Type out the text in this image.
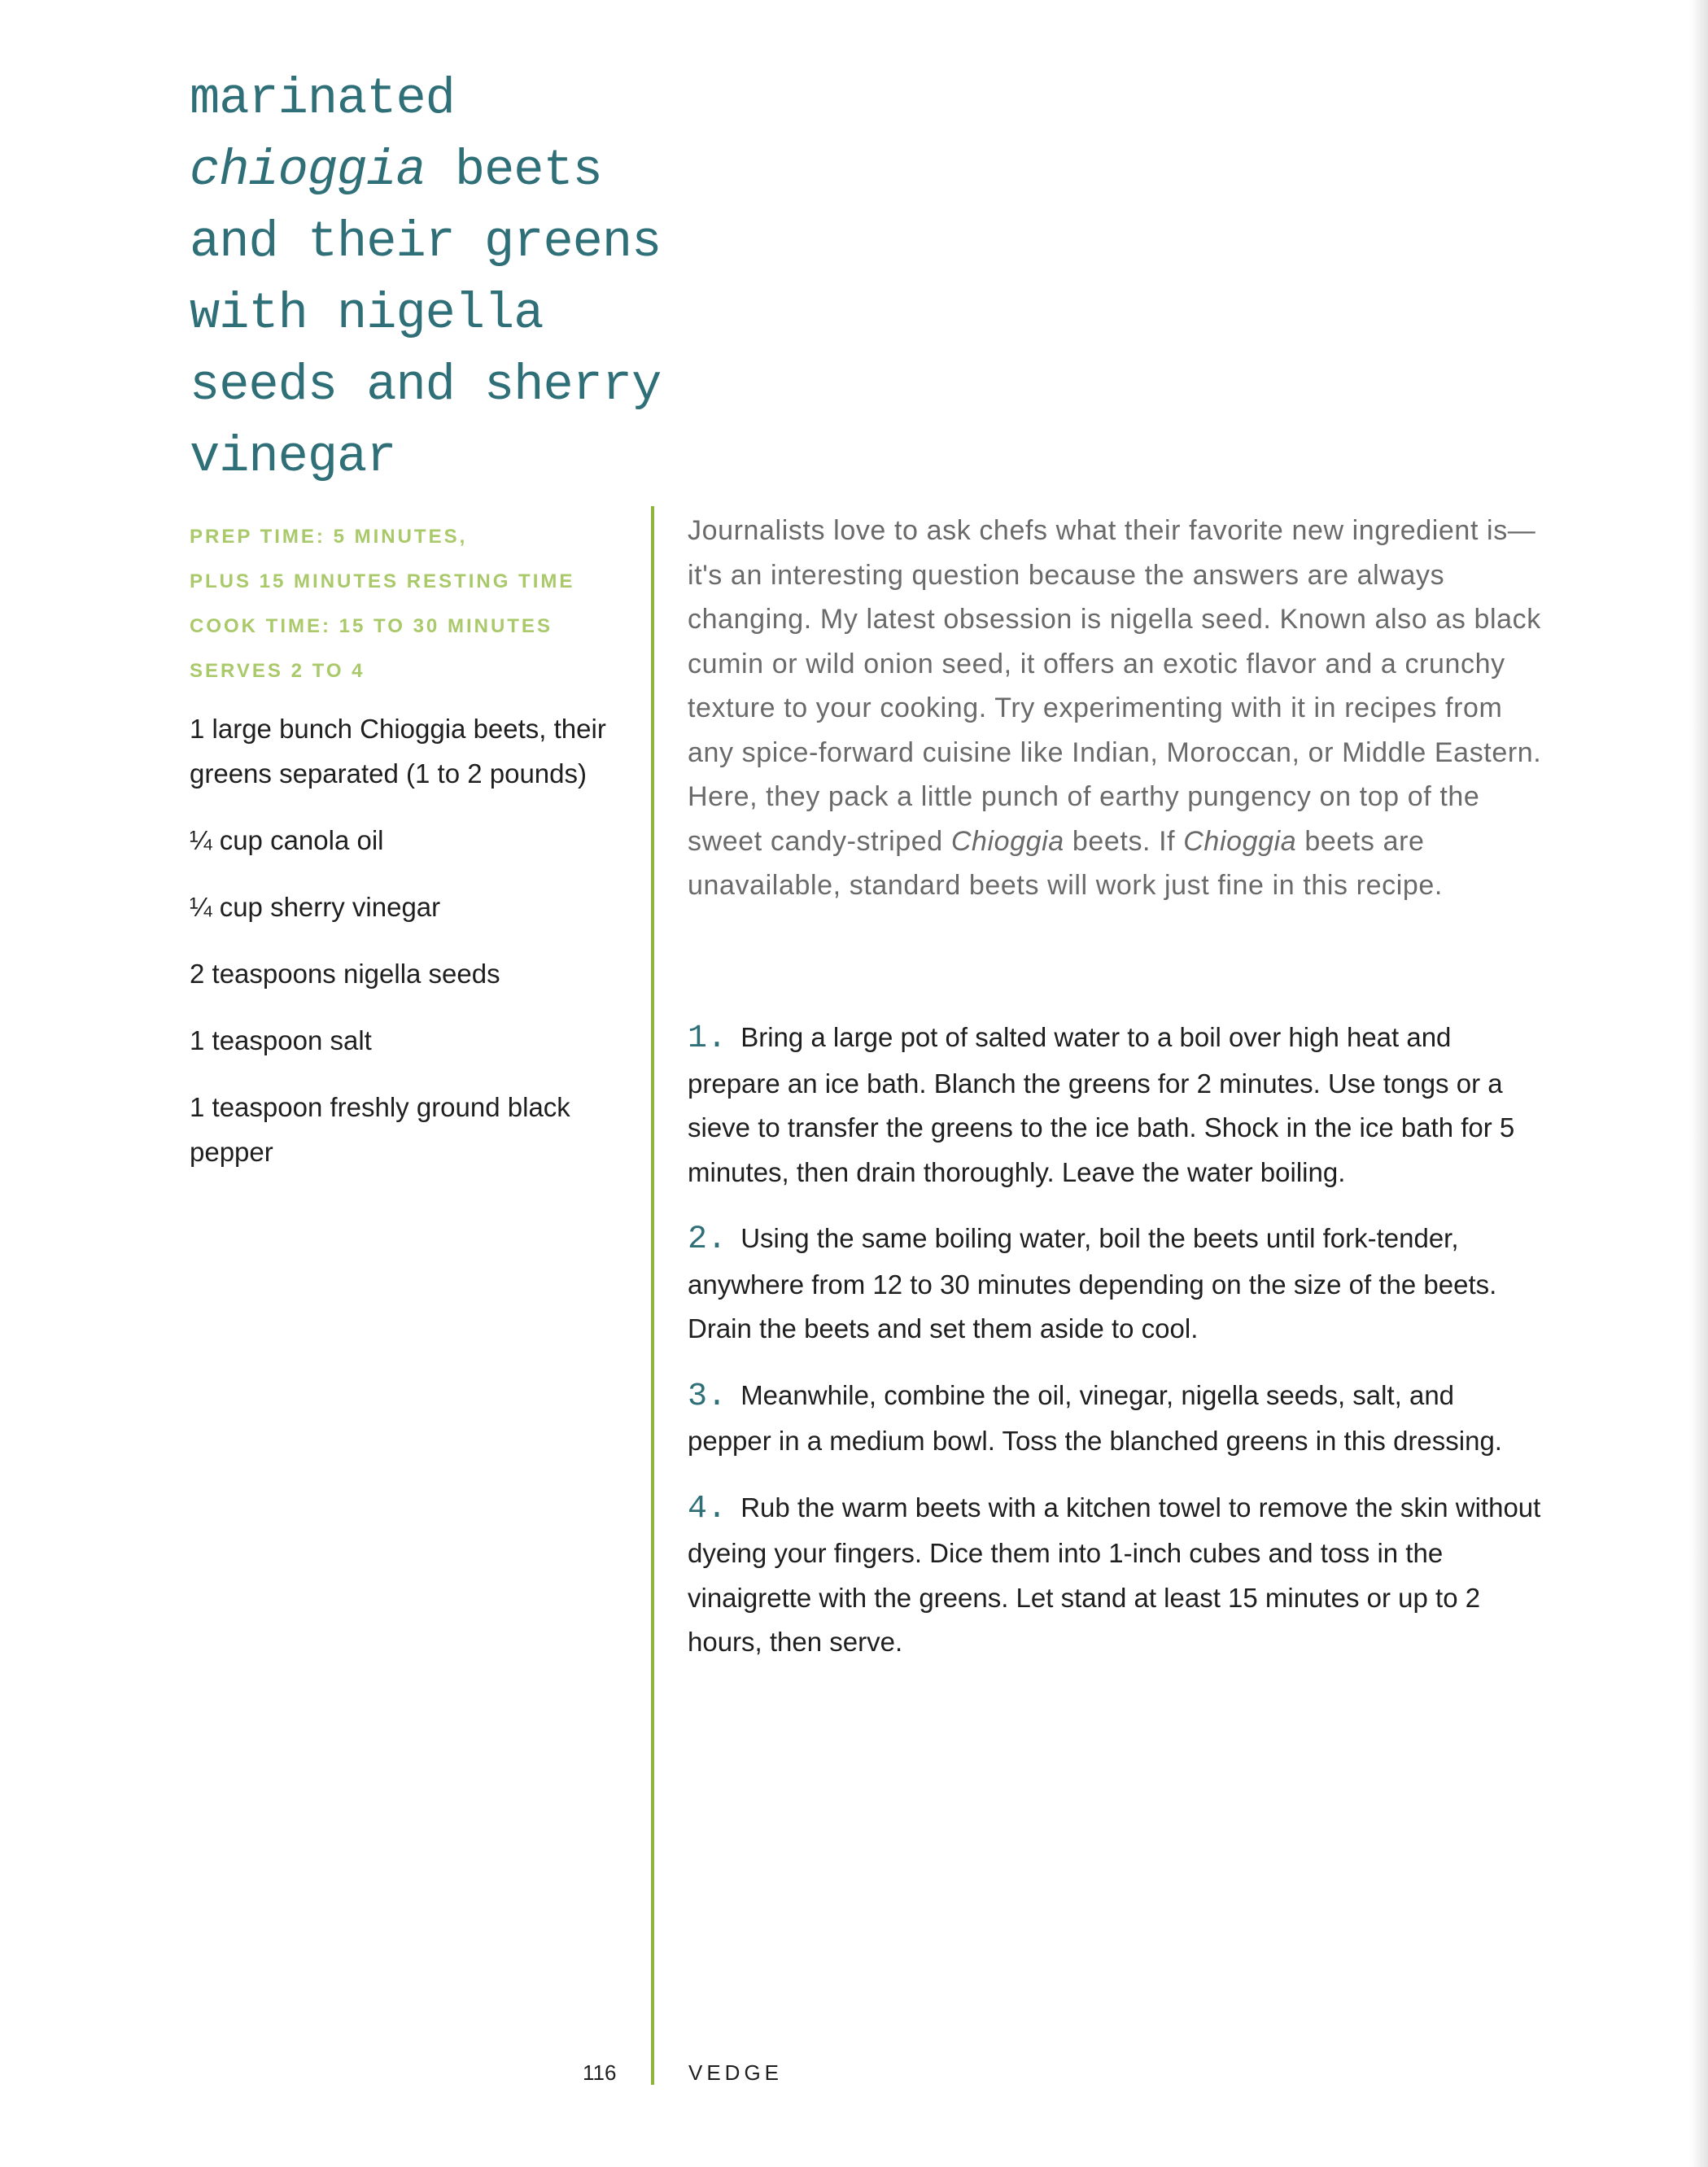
marinated
chioggia beets
and their greens
with nigella
seeds and sherry
vinegar
PREP TIME: 5 MINUTES,
PLUS 15 MINUTES RESTING TIME
COOK TIME: 15 TO 30 MINUTES
SERVES 2 TO 4
1 large bunch Chioggia beets, their greens separated (1 to 2 pounds)
¼ cup canola oil
¼ cup sherry vinegar
2 teaspoons nigella seeds
1 teaspoon salt
1 teaspoon freshly ground black pepper

Journalists love to ask chefs what their favorite new ingredient is—it's an interesting question because the answers are always changing. My latest obsession is nigella seed. Known also as black cumin or wild onion seed, it offers an exotic flavor and a crunchy texture to your cooking. Try experimenting with it in recipes from any spice-forward cuisine like Indian, Moroccan, or Middle Eastern. Here, they pack a little punch of earthy pungency on top of the sweet candy-striped Chioggia beets. If Chioggia beets are unavailable, standard beets will work just fine in this recipe.

1. Bring a large pot of salted water to a boil over high heat and prepare an ice bath. Blanch the greens for 2 minutes. Use tongs or a sieve to transfer the greens to the ice bath. Shock in the ice bath for 5 minutes, then drain thoroughly. Leave the water boiling.

2. Using the same boiling water, boil the beets until fork-tender, anywhere from 12 to 30 minutes depending on the size of the beets. Drain the beets and set them aside to cool.

3. Meanwhile, combine the oil, vinegar, nigella seeds, salt, and pepper in a medium bowl. Toss the blanched greens in this dressing.

4. Rub the warm beets with a kitchen towel to remove the skin without dyeing your fingers. Dice them into 1-inch cubes and toss in the vinaigrette with the greens. Let stand at least 15 minutes or up to 2 hours, then serve.

116	VEDGE
